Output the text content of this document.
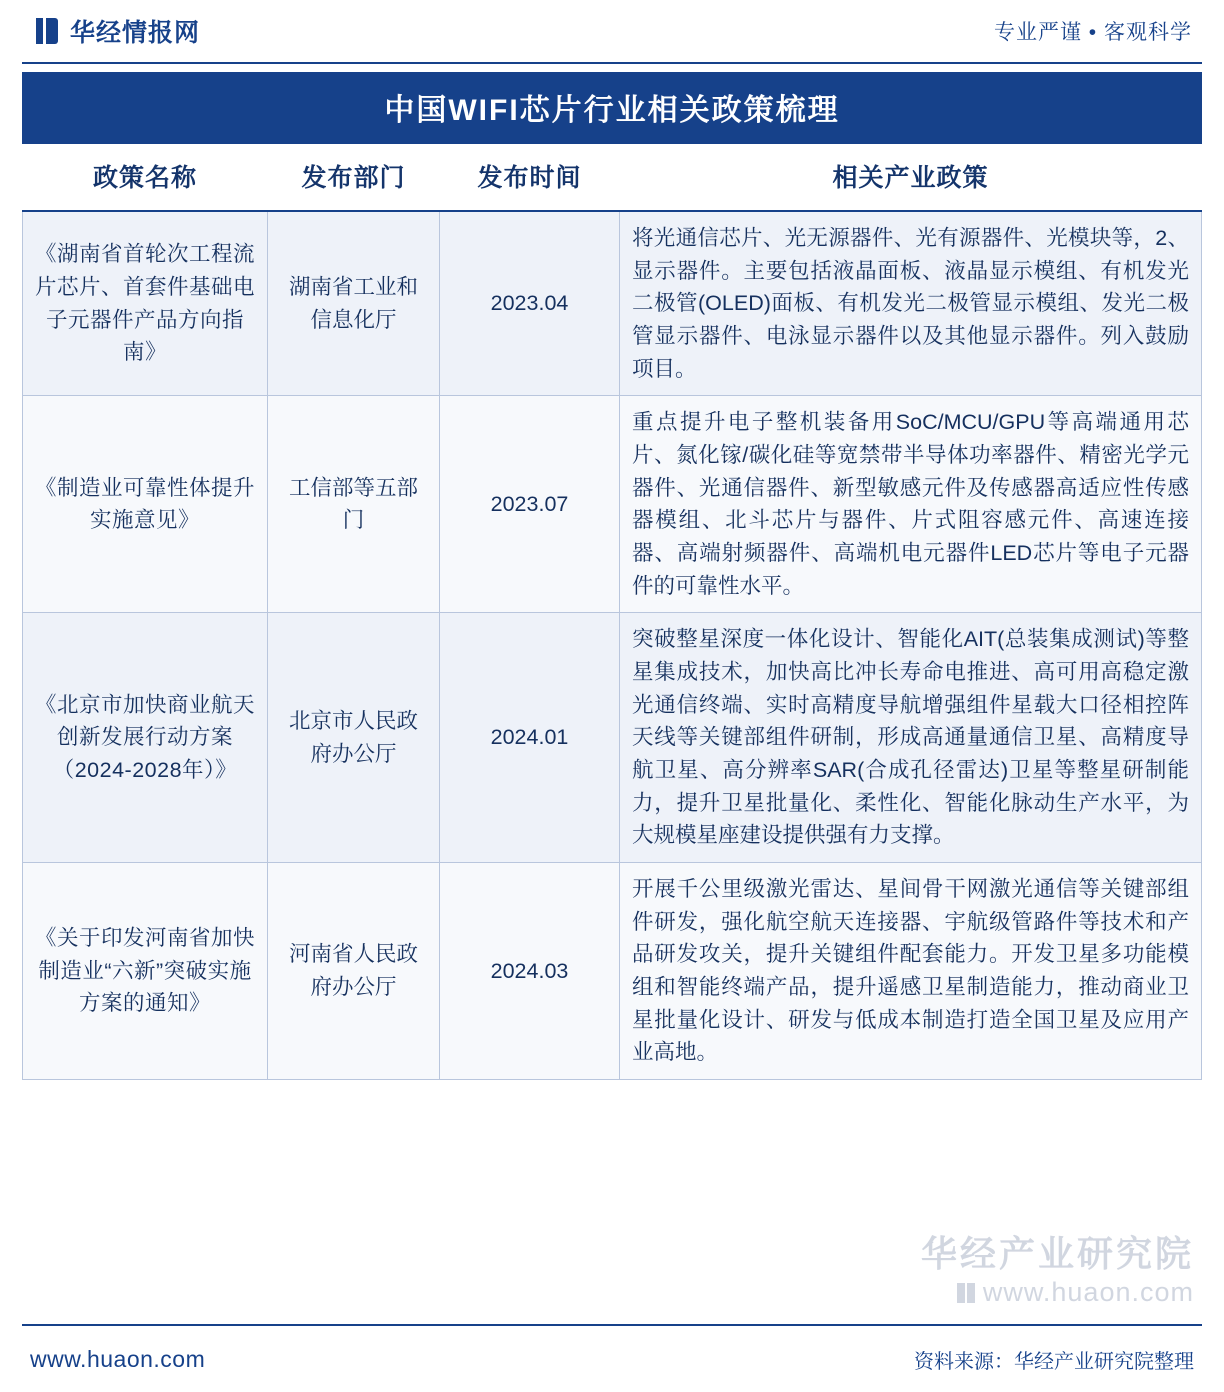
华经情报网	专业严谨 • 客观科学
中国WIFI芯片行业相关政策梳理
政策名称	发布部门	发布时间	相关产业政策
《湖南省首轮次工程流片芯片、首套件基础电子元器件产品方向指南》	湖南省工业和信息化厅	2023.04	将光通信芯片、光无源器件、光有源器件、光模块等，2、显示器件。主要包括液晶面板、液晶显示模组、有机发光二极管(OLED)面板、有机发光二极管显示模组、发光二极管显示器件、电泳显示器件以及其他显示器件。列入鼓励项目。
《制造业可靠性体提升实施意见》	工信部等五部门	2023.07	重点提升电子整机装备用SoC/MCU/GPU等高端通用芯片、氮化镓/碳化硅等宽禁带半导体功率器件、精密光学元器件、光通信器件、新型敏感元件及传感器高适应性传感器模组、北斗芯片与器件、片式阻容感元件、高速连接器、高端射频器件、高端机电元器件LED芯片等电子元器件的可靠性水平。
《北京市加快商业航天创新发展行动方案（2024-2028年）》	北京市人民政府办公厅	2024.01	突破整星深度一体化设计、智能化AIT(总装集成测试)等整星集成技术，加快高比冲长寿命电推进、高可用高稳定激光通信终端、实时高精度导航增强组件星载大口径相控阵天线等关键部组件研制，形成高通量通信卫星、高精度导航卫星、高分辨率SAR(合成孔径雷达)卫星等整星研制能力，提升卫星批量化、柔性化、智能化脉动生产水平，为大规模星座建设提供强有力支撑。
《关于印发河南省加快制造业“六新”突破实施方案的通知》	河南省人民政府办公厅	2024.03	开展千公里级激光雷达、星间骨干网激光通信等关键部组件研发，强化航空航天连接器、宇航级管路件等技术和产品研发攻关，提升关键组件配套能力。开发卫星多功能模组和智能终端产品，提升遥感卫星制造能力，推动商业卫星批量化设计、研发与低成本制造打造全国卫星及应用产业高地。
华经产业研究院
www.huaon.com
www.huaon.com	资料来源：华经产业研究院整理
